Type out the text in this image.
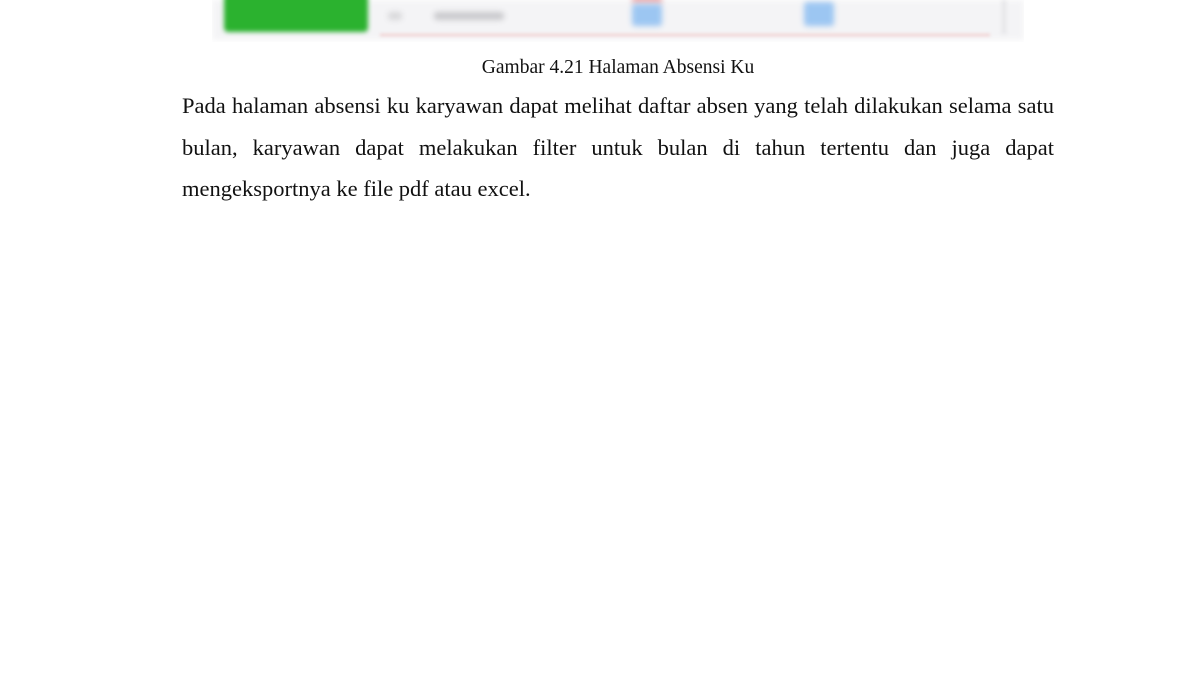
Gambar 4.21 Halaman Absensi Ku

Pada halaman absensi ku karyawan dapat melihat daftar absen yang telah dilakukan selama satu bulan, karyawan dapat melakukan filter untuk bulan di tahun tertentu dan juga dapat mengeksportnya ke file pdf atau excel.
